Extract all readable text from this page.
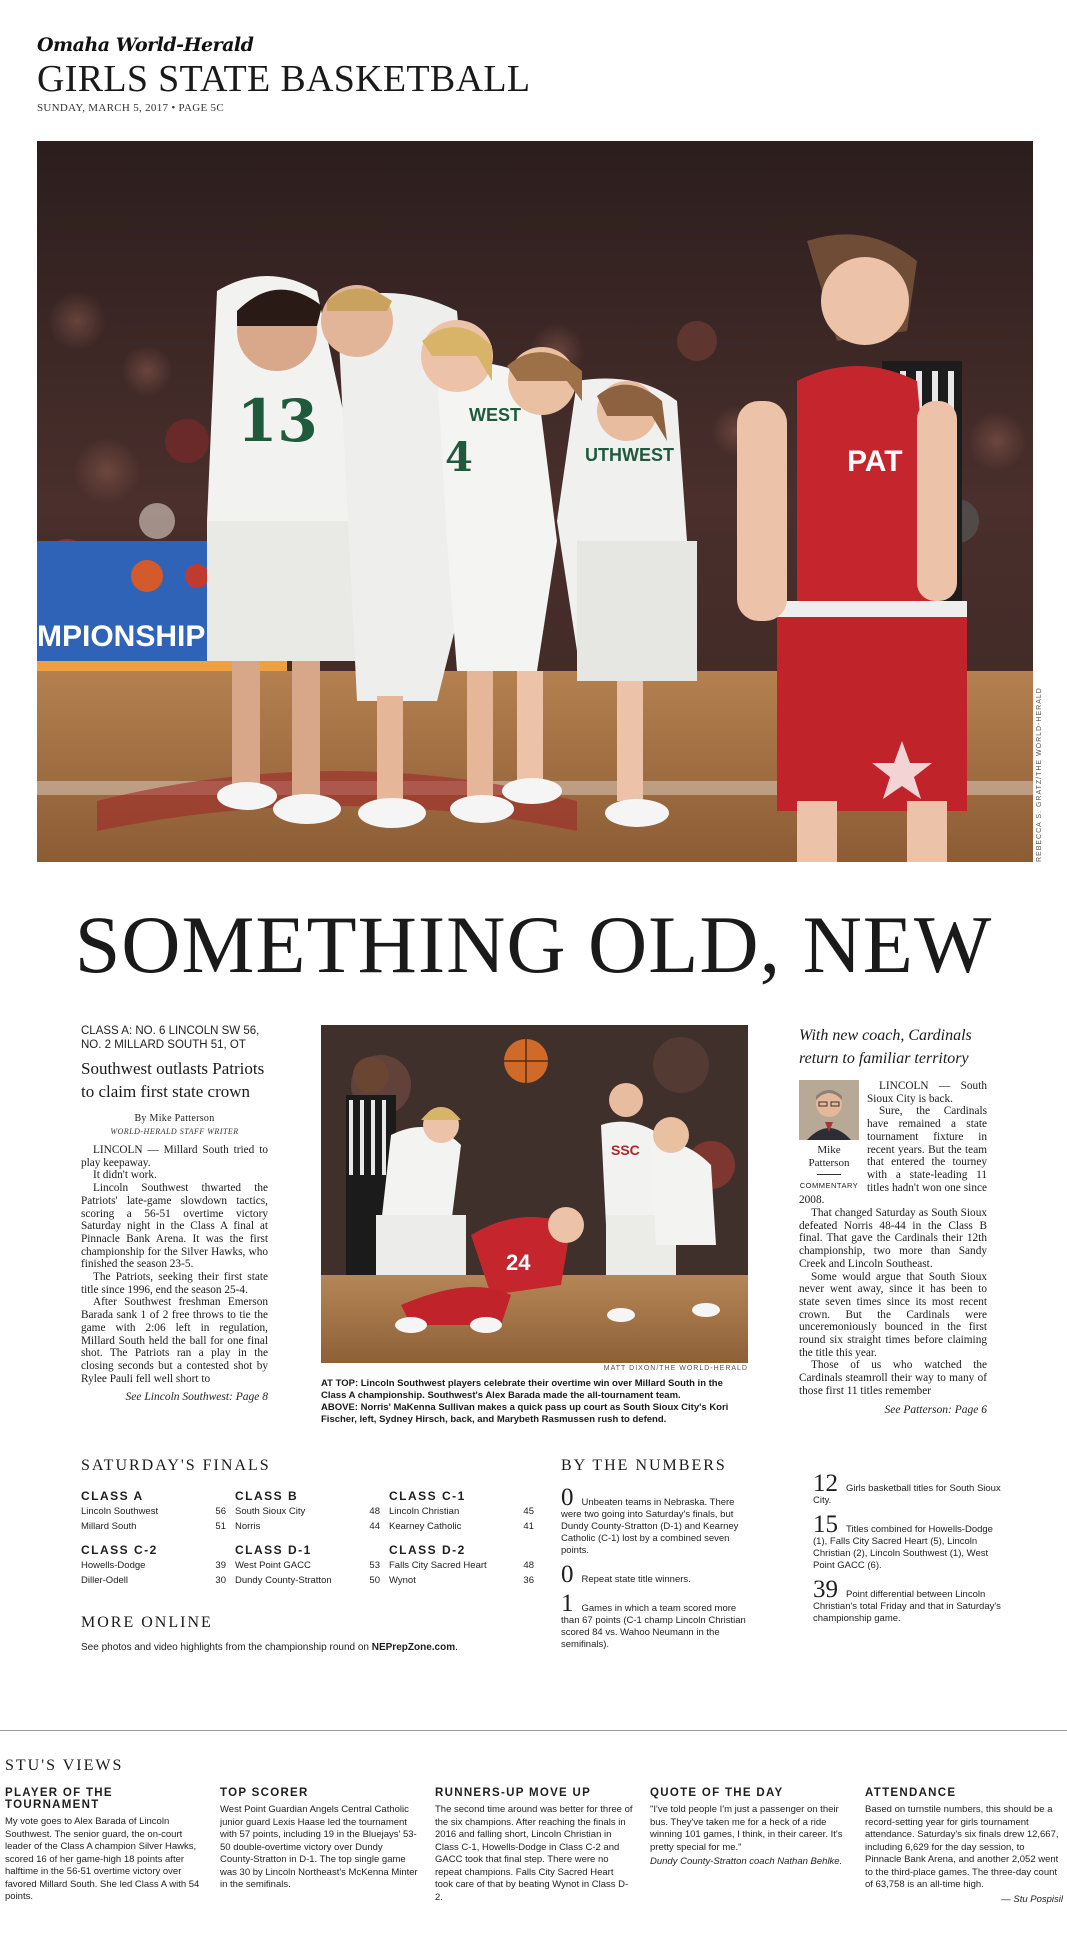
Omaha World-Herald
GIRLS STATE BASKETBALL
SUNDAY, MARCH 5, 2017 • PAGE 5C
MPIONSHIP
13
4
WEST
UTHWEST	PAT
REBECCA S. GRATZ/THE WORLD-HERALD
SOMETHING OLD, NEW
CLASS A: NO. 6 LINCOLN SW 56,
NO. 2 MILLARD SOUTH 51, OT
Southwest outlasts Patriots to claim first state crown
By Mike Patterson
WORLD-HERALD STAFF WRITER

LINCOLN — Millard South tried to play keepaway.

It didn't work.

Lincoln Southwest thwarted the Patriots' late-game slowdown tactics, scoring a 56-51 overtime victory Saturday night in the Class A final at Pinnacle Bank Arena. It was the first championship for the Silver Hawks, who finished the season 23-5.

The Patriots, seeking their first state title since 1996, end the season 25-4.

After Southwest freshman Emerson Barada sank 1 of 2 free throws to tie the game with 2:06 left in regulation, Millard South held the ball for one final shot. The Patriots ran a play in the closing seconds but a contested shot by Rylee Pauli fell well short to

See Lincoln Southwest: Page 8
24
SSC
MATT DIXON/THE WORLD-HERALD
AT TOP: Lincoln Southwest players celebrate their overtime win over Millard South in the Class A championship. Southwest's Alex Barada made the all-tournament team.
ABOVE: Norris' MaKenna Sullivan makes a quick pass up court as South Sioux City's Kori Fischer, left, Sydney Hirsch, back, and Marybeth Rasmussen rush to defend.
With new coach, Cardinals return to familiar territory
Mike Patterson
COMMENTARY

LINCOLN — South Sioux City is back.

Sure, the Cardinals have remained a state tournament fixture in recent years. But the team that entered the tourney with a state-leading 11 titles hadn't won one since 2008.

That changed Saturday as South Sioux defeated Norris 48-44 in the Class B final. That gave the Cardinals their 12th championship, two more than Sandy Creek and Lincoln Southeast.

Some would argue that South Sioux never went away, since it has been to state seven times since its most recent crown. But the Cardinals were unceremoniously bounced in the first round six straight times before claiming the title this year.

Those of us who watched the Cardinals steamroll their way to many of those first 11 titles remember

See Patterson: Page 6
SATURDAY'S FINALS
CLASS A
Lincoln Southwest	56
Millard South	51
CLASS B
South Sioux City	48
Norris	44
CLASS C-1
Lincoln Christian	45
Kearney Catholic	41
CLASS C-2
Howells-Dodge	39
Diller-Odell	30
CLASS D-1
West Point GACC	53
Dundy County-Stratton	50
CLASS D-2
Falls City Sacred Heart	48
Wynot	36
MORE ONLINE
See photos and video highlights from the championship round on NEPrepZone.com.
BY THE NUMBERS
0 Unbeaten teams in Nebraska. There were two going into Saturday's finals, but Dundy County-Stratton (D-1) and Kearney Catholic (C-1) lost by a combined seven points.
0 Repeat state title winners.
1 Games in which a team scored more than 67 points (C-1 champ Lincoln Christian scored 84 vs. Wahoo Neumann in the semifinals).
12 Girls basketball titles for South Sioux City.
15 Titles combined for Howells-Dodge (1), Falls City Sacred Heart (5), Lincoln Christian (2), Lincoln Southwest (1), West Point GACC (6).
39 Point differential between Lincoln Christian's total Friday and that in Saturday's championship game.
STU'S VIEWS
PLAYER OF THE TOURNAMENT
My vote goes to Alex Barada of Lincoln Southwest. The senior guard, the on-court leader of the Class A champion Silver Hawks, scored 16 of her game-high 18 points after halftime in the 56-51 overtime victory over favored Millard South. She led Class A with 54 points.
TOP SCORER
West Point Guardian Angels Central Catholic junior guard Lexis Haase led the tournament with 57 points, including 19 in the Bluejays' 53-50 double-overtime victory over Dundy County-Stratton in D-1. The top single game was 30 by Lincoln Northeast's McKenna Minter in the semifinals.
RUNNERS-UP MOVE UP
The second time around was better for three of the six champions. After reaching the finals in 2016 and falling short, Lincoln Christian in Class C-1, Howells-Dodge in Class C-2 and GACC took that final step. There were no repeat champions. Falls City Sacred Heart took care of that by beating Wynot in Class D-2.
QUOTE OF THE DAY
"I've told people I'm just a passenger on their bus. They've taken me for a heck of a ride winning 101 games, I think, in their career. It's pretty special for me."
Dundy County-Stratton coach Nathan Behlke.
ATTENDANCE
Based on turnstile numbers, this should be a record-setting year for girls tournament attendance. Saturday's six finals drew 12,667, including 6,629 for the day session, to Pinnacle Bank Arena, and another 2,052 went to the third-place games. The three-day count of 63,758 is an all-time high.
— Stu Pospisil
